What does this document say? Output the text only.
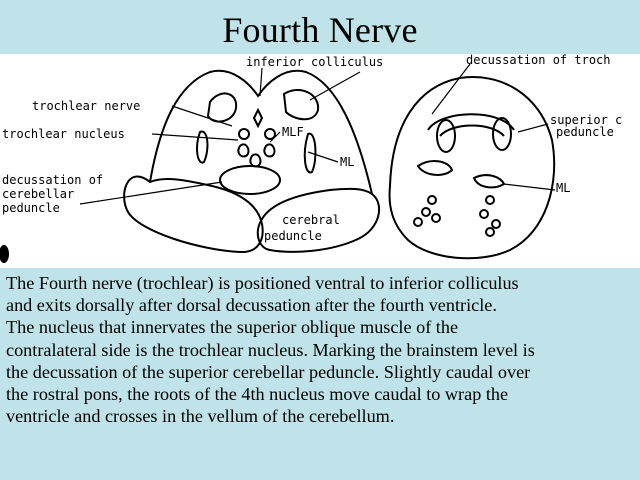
Fourth Nerve
inferior colliculus	decussation of troch
trochlear nerve
trochlear nucleus	MLF
ML
decussation of
cerebellar
peduncle
cerebral
peduncle
superior c
peduncle
ML

The Fourth nerve (trochlear) is positioned ventral to inferior colliculus

and exits dorsally after dorsal decussation after the fourth ventricle.

The nucleus that innervates the superior oblique muscle of the

contralateral side is the trochlear nucleus. Marking the brainstem level is

the decussation of the superior cerebellar peduncle. Slightly caudal over

the rostral pons, the roots of the 4th nucleus move caudal to wrap the

ventricle and crosses in the vellum of the cerebellum.
